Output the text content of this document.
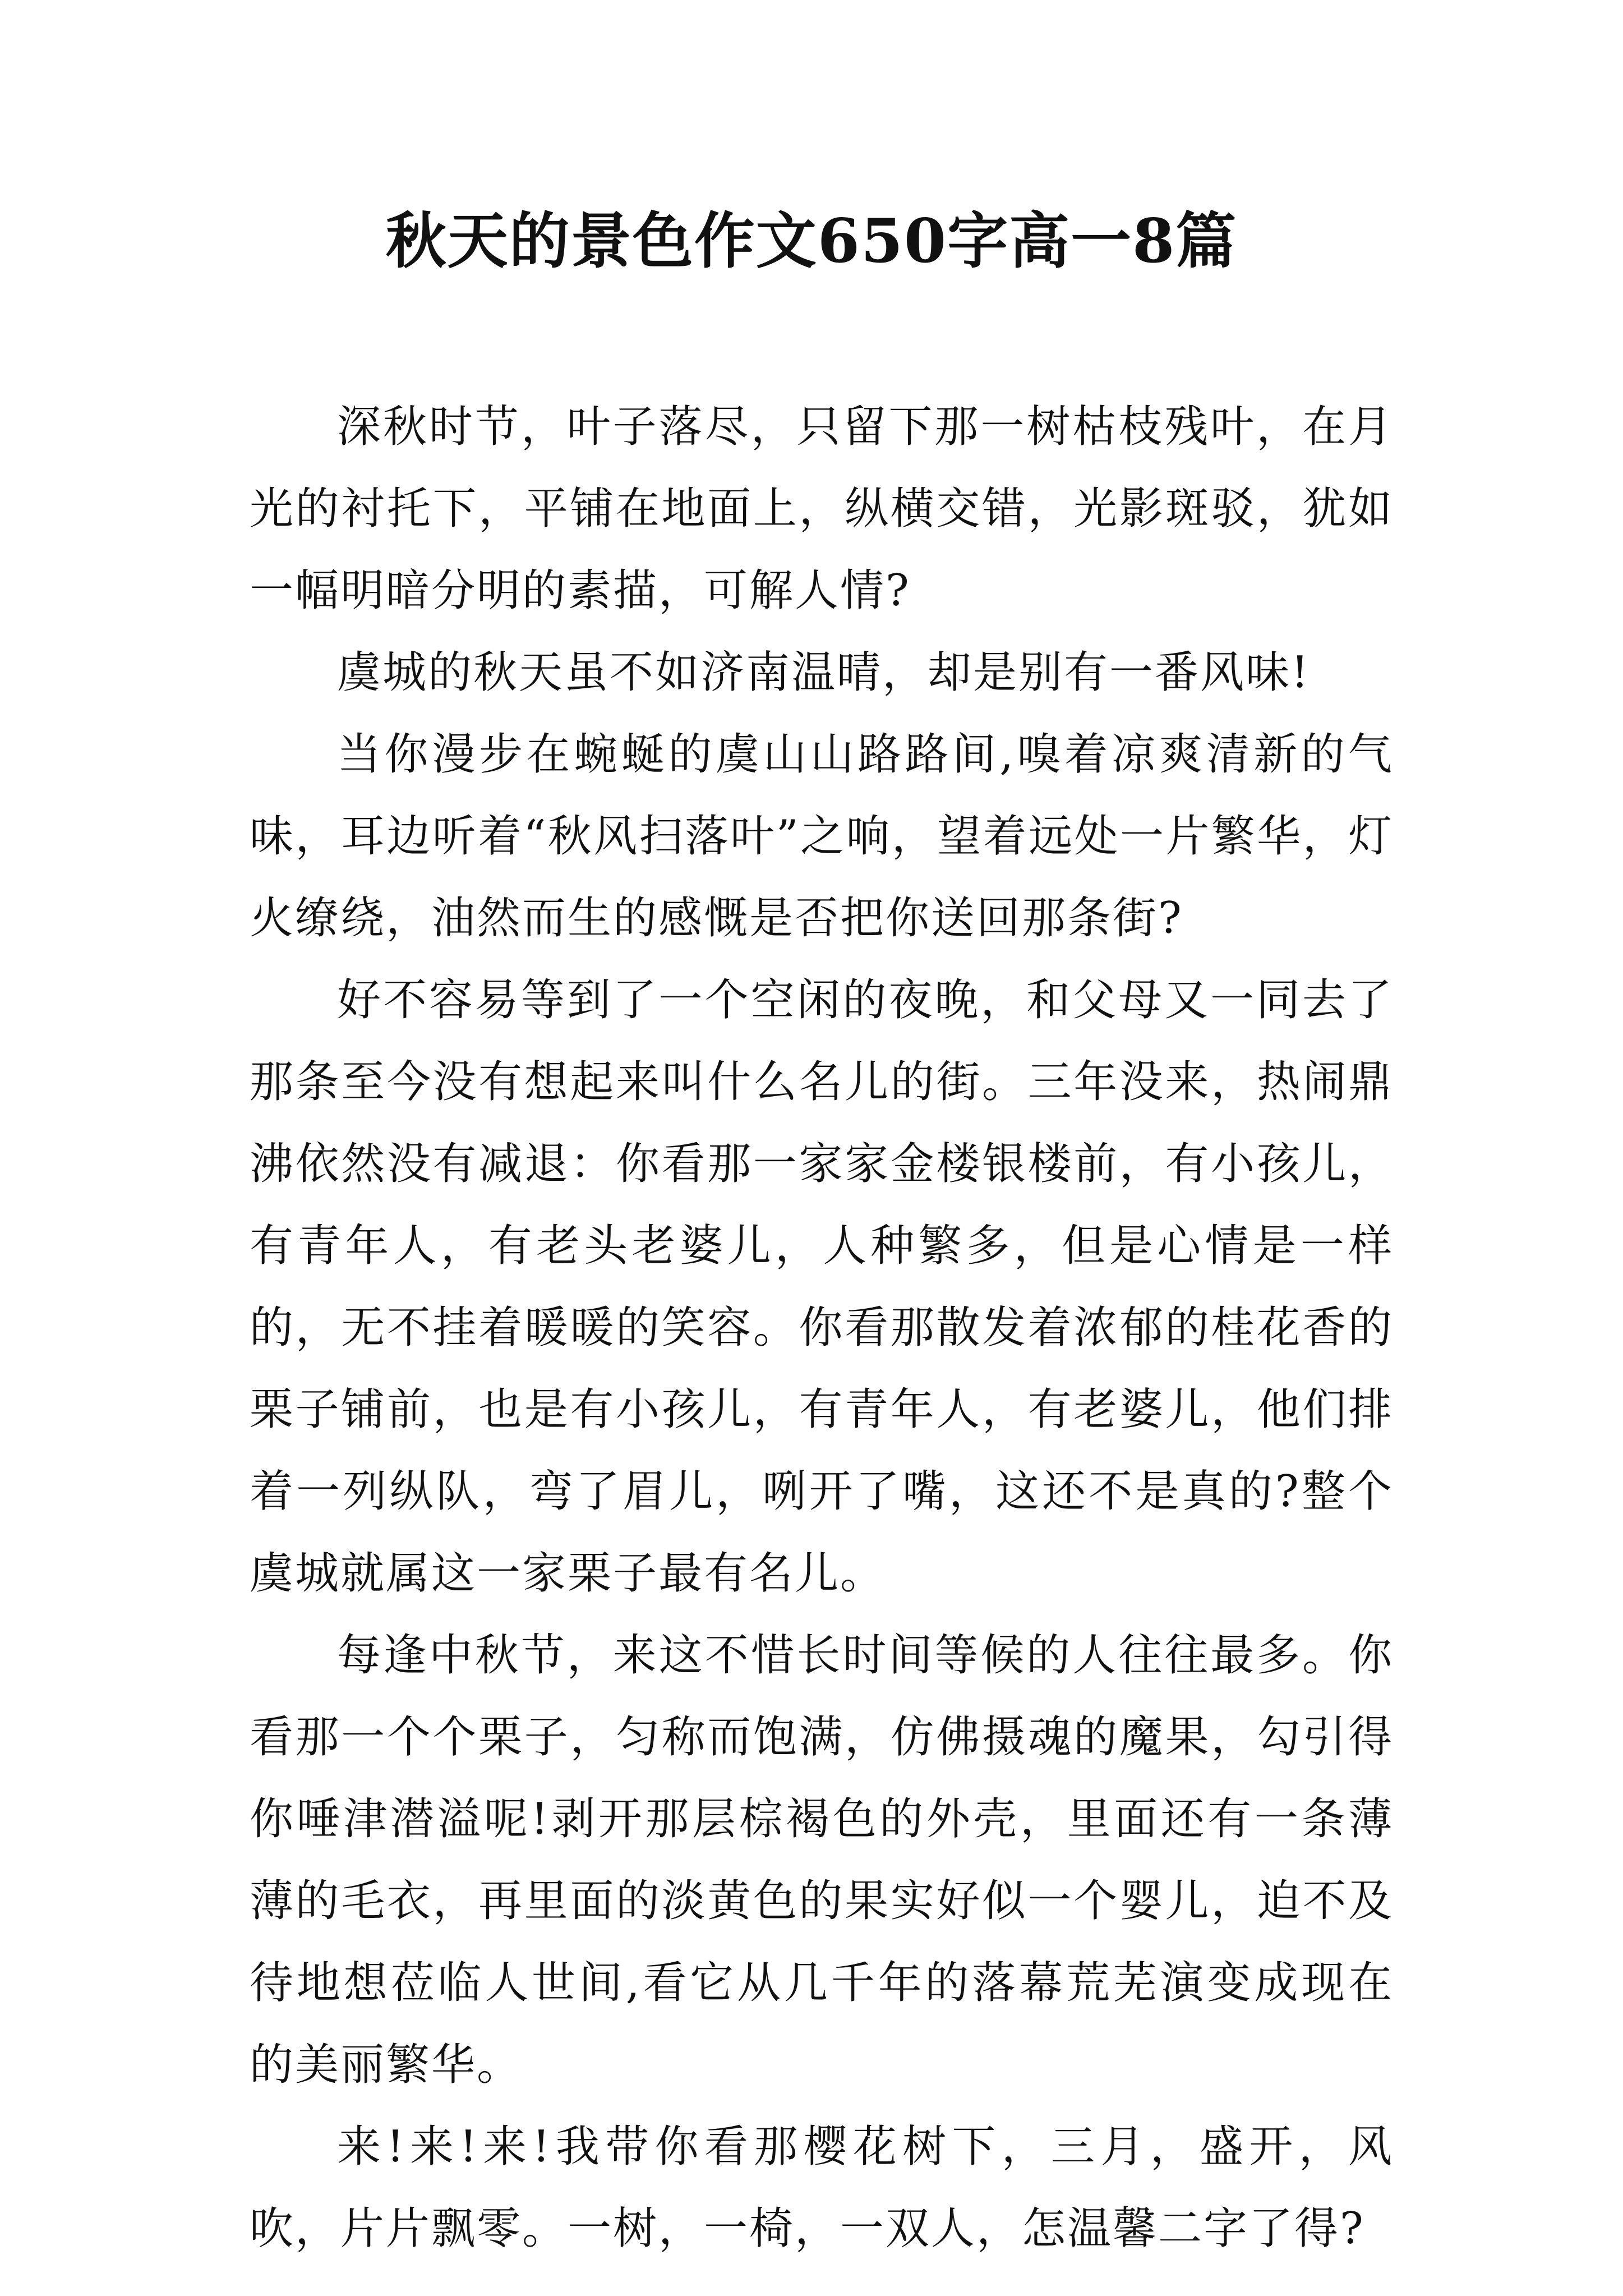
秋天的景色作文650字高一8篇

深秋时节，叶子落尽，只留下那一树枯枝残叶，在月光的衬托下，平铺在地面上，纵横交错，光影斑驳，犹如一幅明暗分明的素描，可解人情?

虞城的秋天虽不如济南温晴，却是别有一番风味!

当你漫步在蜿蜒的虞山山路路间,嗅着凉爽清新的气味，耳边听着“秋风扫落叶”之响，望着远处一片繁华，灯火缭绕，油然而生的感慨是否把你送回那条街?

好不容易等到了一个空闲的夜晚，和父母又一同去了那条至今没有想起来叫什么名儿的街。三年没来，热闹鼎沸依然没有减退：你看那一家家金楼银楼前，有小孩儿，有青年人，有老头老婆儿，人种繁多，但是心情是一样的，无不挂着暖暖的笑容。你看那散发着浓郁的桂花香的栗子铺前，也是有小孩儿，有青年人，有老婆儿，他们排着一列纵队，弯了眉儿，咧开了嘴，这还不是真的?整个虞城就属这一家栗子最有名儿。

每逢中秋节，来这不惜长时间等候的人往往最多。你看那一个个栗子，匀称而饱满，仿佛摄魂的魔果，勾引得你唾津潜溢呢!剥开那层棕褐色的外壳，里面还有一条薄薄的毛衣，再里面的淡黄色的果实好似一个婴儿，迫不及待地想莅临人世间,看它从几千年的落幕荒芜演变成现在的美丽繁华。

来!来!来!我带你看那樱花树下，三月，盛开，风吹，片片飘零。一树，一椅，一双人，怎温馨二字了得?
